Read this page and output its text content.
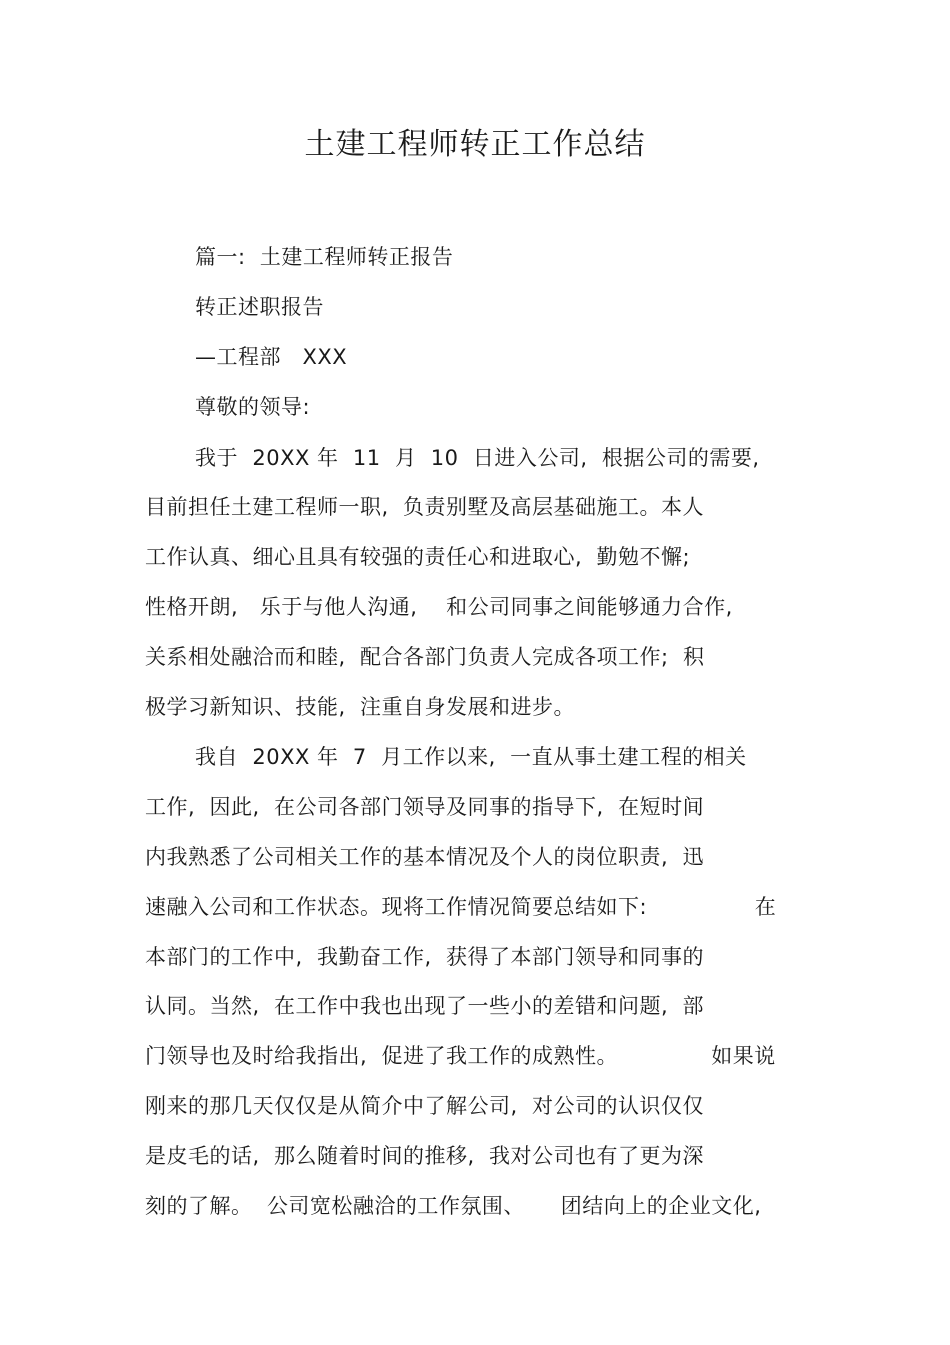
土建工程师转正工作总结
篇一:  土建工程师转正报告
转正述职报告
—工程部   XXX
尊敬的领导:
我于  20XX 年  11  月  10  日进入公司,  根据公司的需要,
目前担任土建工程师一职,  负责别墅及高层基础施工。本人
工作认真、细心且具有较强的责任心和进取心,  勤勉不懈;
性格开朗,   乐于与他人沟通,    和公司同事之间能够通力合作,
关系相处融洽而和睦,  配合各部门负责人完成各项工作;  积
极学习新知识、技能,  注重自身发展和进步。
我自  20XX 年  7  月工作以来,  一直从事土建工程的相关
工作,  因此,  在公司各部门领导及同事的指导下,  在短时间
内我熟悉了公司相关工作的基本情况及个人的岗位职责,  迅
速融入公司和工作状态。现将工作情况简要总结如下:               在
本部门的工作中,  我勤奋工作,  获得了本部门领导和同事的
认同。当然,  在工作中我也出现了一些小的差错和问题,  部
门领导也及时给我指出,  促进了我工作的成熟性。             如果说
刚来的那几天仅仅是从简介中了解公司,  对公司的认识仅仅
是皮毛的话,  那么随着时间的推移,  我对公司也有了更为深
刻的了解。  公司宽松融洽的工作氛围、     团结向上的企业文化,
